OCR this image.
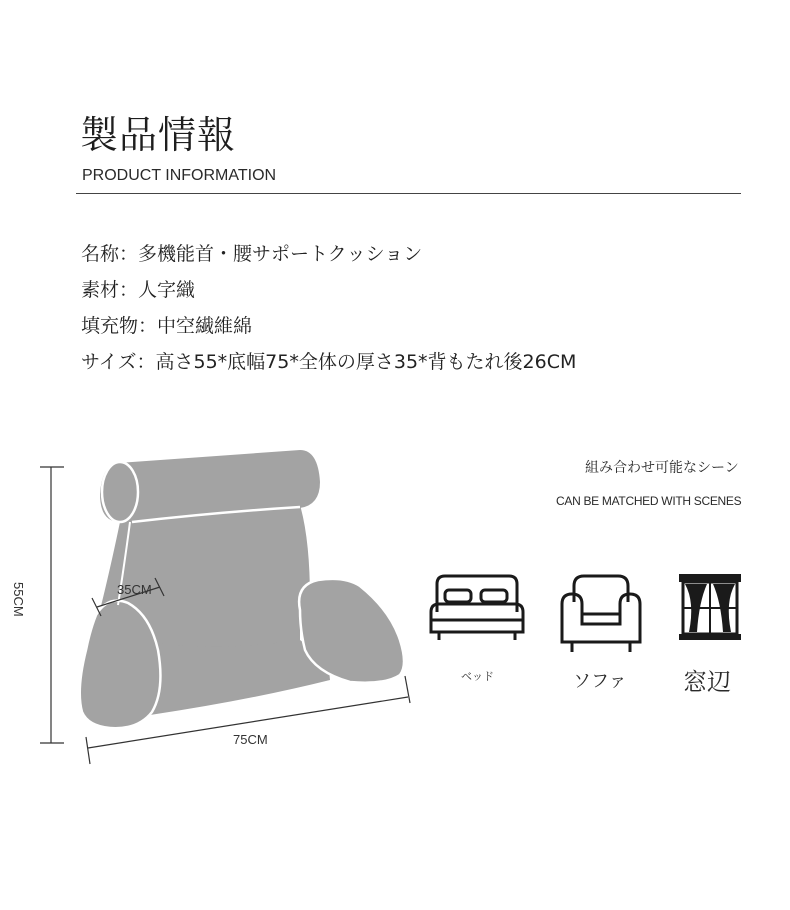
製品情報
PRODUCT INFORMATION
名称 ： 多機能首・腰サポートクッション
素材 ： 人字織
填充物 ： 中空繊維綿
サイズ ： 高さ55*底幅75*全体の厚さ35*背もたれ後26CM
55CM
75CM
35CM
組み合わせ可能なシーン
CAN BE MATCHED WITH SCENES
ベッド	ソファ 窓辺
